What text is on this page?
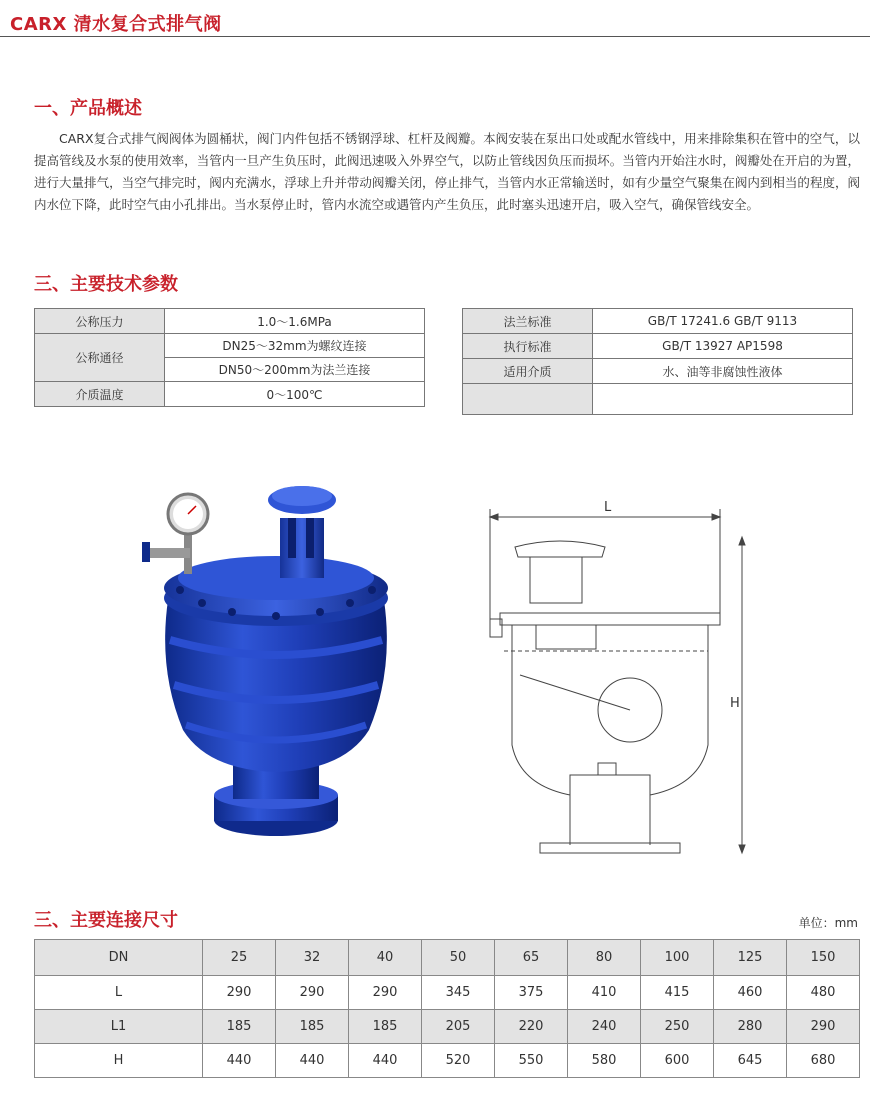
CARX 清水复合式排气阀
一、产品概述

CARX复合式排气阀阀体为圆桶状，阀门内件包括不锈钢浮球、杠杆及阀瓣。本阀安装在泵出口处或配水管线中，用来排除集积在管中的空气，以提高管线及水泵的使用效率，当管内一旦产生负压时，此阀迅速吸入外界空气，以防止管线因负压而损坏。当管内开始注水时，阀瓣处在开启的为置，进行大量排气，当空气排完时，阀内充满水，浮球上升并带动阀瓣关闭，停止排气，当管内水正常输送时，如有少量空气聚集在阀内到相当的程度，阀内水位下降，此时空气由小孔排出。当水泵停止时，管内水流空或遇管内产生负压，此时塞头迅速开启，吸入空气，确保管线安全。

三、主要技术参数
公称压力	1.0～1.6MPa
公称通径	DN25～32mm为螺纹连接
	DN50～200mm为法兰连接
介质温度	0～100℃
法兰标准	GB/T 17241.6 GB/T 9113
执行标准	GB/T 13927 AP1598
适用介质	水、油等非腐蚀性液体

L
H
三、主要连接尺寸	单位：mm
DN	25	32	40	50	65	80	100	125	150
L	290	290	290	345	375	410	415	460	480
L1	185	185	185	205	220	240	250	280	290
H	440	440	440	520	550	580	600	645	680
